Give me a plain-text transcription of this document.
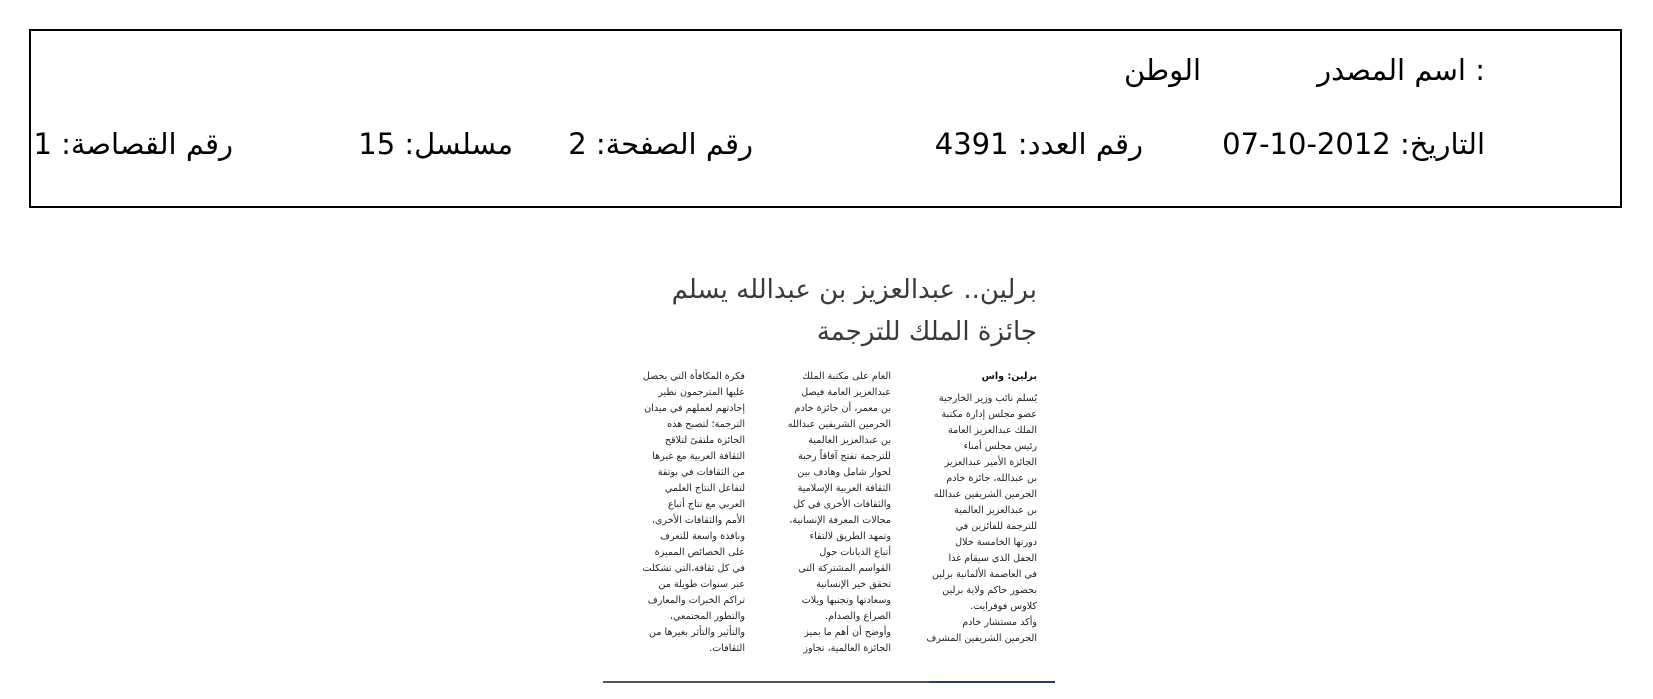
اسم المصدر :
الوطن
التاريخ: 2012-10-07
رقم العدد: 4391
رقم الصفحة: 2
مسلسل: 15
رقم القصاصة: 1
برلين.. عبدالعزيز بن عبدالله يسلم
جائزة الملك للترجمة
برلين: واس
يُسلم نائب وزير الخارجية
عضو مجلس إدارة مكتبة
الملك عبدالعزيز العامة
رئيس مجلس أمناء
الجائزة الأمير عبدالعزيز
بن عبدالله، جائزة خادم
الحرمين الشريفين عبدالله
بن عبدالعزيز العالمية
للترجمة للفائزين في
دورتها الخامسة خلال
الحفل الذي سيقام غدا
في العاصمة الألمانية برلين
بحضور حاكم ولاية برلين
كلاوس فوفرايت.
وأكد مستشار خادم
الحرمين الشريفين المشرف
العام على مكتبة الملك
عبدالعزيز العامة فيصل
بن معمر، أن جائزة خادم
الحرمين الشريفين عبدالله
بن عبدالعزيز العالمية
للترجمة تفتح آفاقاً رحبة
لحوار شامل وهادف بين
الثقافة العربية الإسلامية
والثقافات الأخرى في كل
مجالات المعرفة الإنسانية،
وتمهد الطريق لالتقاء
أتباع الديانات حول
القواسم المشتركة التي
تحقق خير الإنسانية
وسعادتها وتجنبها ويلات
الصراع والصدام.
وأوضح أن أهم ما يميز
الجائزة العالمية، تجاوز
فكرة المكافأة التي يحصل
عليها المترجمون نظير
إجادتهم لعملهم في ميدان
الترجمة؛ لتصبح هذه
الجائزة ملتقىً لتلاقح
الثقافة العربية مع غيرها
من الثقافات في بوتقة
لتفاعل النتاج العلمي
العربي مع نتاج أتباع
الأمم والثقافات الأخرى،
ونافذة واسعة للتعرف
على الخصائص المميزة
في كل ثقافة،التي تشكلت
عبر سنوات طويلة من
تراكم الخبرات والمعارف
والتطور المجتمعي،
والتأثير والتأثر بغيرها من
الثقافات.
